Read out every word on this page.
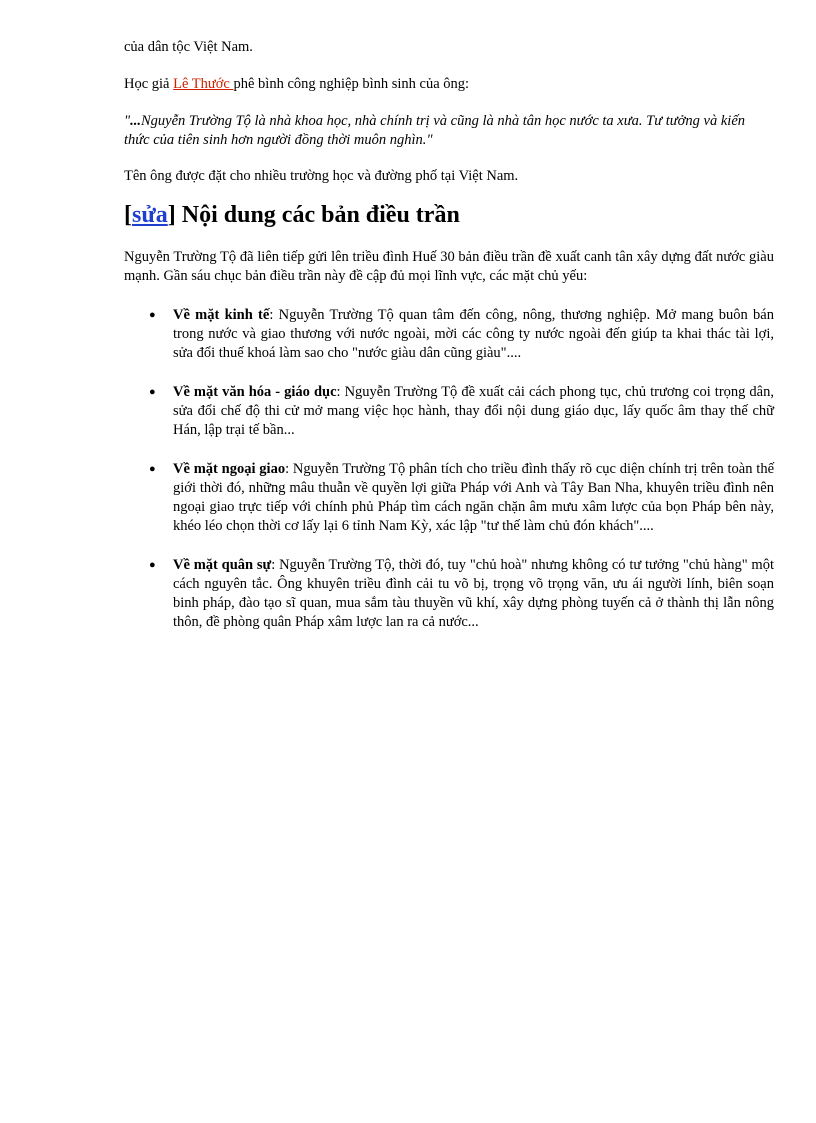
của dân tộc Việt Nam.

Học giả Lê Thước phê bình công nghiệp bình sinh của ông:

"...Nguyễn Trường Tộ là nhà khoa học, nhà chính trị và cũng là nhà tân học nước ta xưa. Tư tưởng và kiến thức của tiên sinh hơn người đồng thời muôn nghìn."

Tên ông được đặt cho nhiều trường học và đường phố tại Việt Nam.

[sửa] Nội dung các bản điều trần

Nguyễn Trường Tộ đã liên tiếp gửi lên triều đình Huế 30 bản điều trần đề xuất canh tân xây dựng đất nước giàu mạnh. Gần sáu chục bản điều trần này đề cập đủ mọi lĩnh vực, các mặt chủ yếu:

● Về mặt kinh tế: Nguyễn Trường Tộ quan tâm đến công, nông, thương nghiệp. Mở mang buôn bán trong nước và giao thương với nước ngoài, mời các công ty nước ngoài đến giúp ta khai thác tài lợi, sửa đổi thuế khoá làm sao cho "nước giàu dân cũng giàu"....
● Về mặt văn hóa - giáo dục: Nguyễn Trường Tộ đề xuất cải cách phong tục, chủ trương coi trọng dân, sửa đổi chế độ thi cử mở mang việc học hành, thay đổi nội dung giáo dục, lấy quốc âm thay thế chữ Hán, lập trại tế bần...
● Về mặt ngoại giao: Nguyễn Trường Tộ phân tích cho triều đình thấy rõ cục diện chính trị trên toàn thế giới thời đó, những mâu thuẫn về quyền lợi giữa Pháp với Anh và Tây Ban Nha, khuyên triều đình nên ngoại giao trực tiếp với chính phủ Pháp tìm cách ngăn chặn âm mưu xâm lược của bọn Pháp bên này, khéo léo chọn thời cơ lấy lại 6 tỉnh Nam Kỳ, xác lập "tư thế làm chủ đón khách"....
● Về mặt quân sự: Nguyễn Trường Tộ, thời đó, tuy "chủ hoà" nhưng không có tư tưởng "chủ hàng" một cách nguyên tắc. Ông khuyên triều đình cải tu võ bị, trọng võ trọng văn, ưu ái người lính, biên soạn binh pháp, đào tạo sĩ quan, mua sắm tàu thuyền vũ khí, xây dựng phòng tuyến cả ở thành thị lẫn nông thôn, đề phòng quân Pháp xâm lược lan ra cả nước...
